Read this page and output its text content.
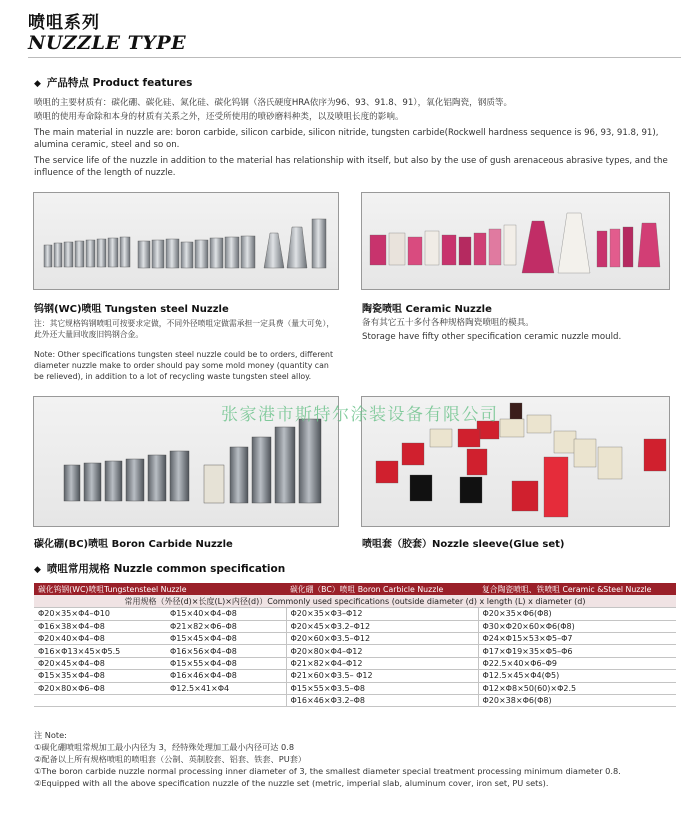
喷咀系列
NUZZLE TYPE
◆ 产品特点 Product features
喷咀的主要材质有：碳化硼、碳化硅、氮化硅、碳化钨钢（洛氏硬度HRA依序为96、93、91.8、91），氧化铝陶瓷，钢质等。
喷咀的使用寿命除和本身的材质有关系之外，还受所使用的喷砂磨料种类，以及喷咀长度的影响。
The main material in nuzzle are: boron carbide, silicon carbide, silicon nitride, tungsten carbide(Rockwell hardness sequence is 96, 93, 91.8, 91), alumina ceramic, steel and so on.
The service life of the nuzzle in addition to the material has relationship with itself, but also by the use of gush arenaceous abrasive types, and the influence of the length of nuzzle.
钨钢(WC)喷咀 Tungsten steel Nuzzle
注：其它规格钨钢喷咀可按要求定做，不同外径喷咀定做需承担一定具费（量大可免），此外还大量回收废旧钨钢合金。
Note: Other specifications tungsten steel nuzzle could be to orders, different diameter nuzzle make to order should pay some mold money (quantity can be relieved), in addition to a lot of recycling waste tungsten steel alloy.
陶瓷喷咀 Ceramic Nuzzle
备有其它五十多付各种规格陶瓷喷咀的模具。
Storage have fifty other specification ceramic nuzzle mould.
张家港市斯特尔涂装设备有限公司
碳化硼(BC)喷咀 Boron Carbide Nuzzle	喷咀套（胶套）Nozzle sleeve(Glue set)
◆ 喷咀常用规格 Nuzzle common specification
碳化钨钢(WC)喷咀Tungstensteel Nuzzle		碳化硼（BC）喷咀 Boron Carbicle Nuzzle	复合陶瓷喷咀、铁喷咀 Ceramic &Steel Nuzzle
常用规格（外径(d)×长度(L)×内径(d)）Commonly used specifications (outside diameter (d) x length (L) x diameter (d)			
Φ20×35×Φ4–Φ10	Φ15×40×Φ4–Φ8	Φ20×35×Φ3–Φ12	Φ20×35×Φ6(Φ8)
Φ16×38×Φ4–Φ8	Φ21×82×Φ6–Φ8	Φ20×45×Φ3.2–Φ12	Φ30×Φ20×60×Φ6(Φ8)
Φ20×40×Φ4–Φ8	Φ15×45×Φ4–Φ8	Φ20×60×Φ3.5–Φ12	Φ24×Φ15×53×Φ5–Φ7
Φ16×Φ13×45×Φ5.5	Φ16×56×Φ4–Φ8	Φ20×80×Φ4–Φ12	Φ17×Φ19×35×Φ5–Φ6
Φ20×45×Φ4–Φ8	Φ15×55×Φ4–Φ8	Φ21×82×Φ4–Φ12	Φ22.5×40×Φ6–Φ9
Φ15×35×Φ4–Φ8	Φ16×46×Φ4–Φ8	Φ21×60×Φ3.5– Φ12	Φ12.5×45×Φ4(Φ5)
Φ20×80×Φ6–Φ8	Φ12.5×41×Φ4	Φ15×55×Φ3.5–Φ8	Φ12×Φ8×50(60)×Φ2.5
		Φ16×46×Φ3.2–Φ8	Φ20×38×Φ6(Φ8)
注 Note:
①碳化硼喷咀常规加工最小内径为 3，经特殊处理加工最小内径可达 0.8
②配备以上所有规格喷咀的喷咀套（公制、英制胶套、铝套、铁套、PU套）
①The boron carbide nuzzle normal processing inner diameter of 3, the smallest diameter special treatment processing minimum diameter 0.8.
②Equipped with all the above specification nuzzle of the nuzzle set (metric, imperial slab, aluminum cover, iron set, PU sets).
